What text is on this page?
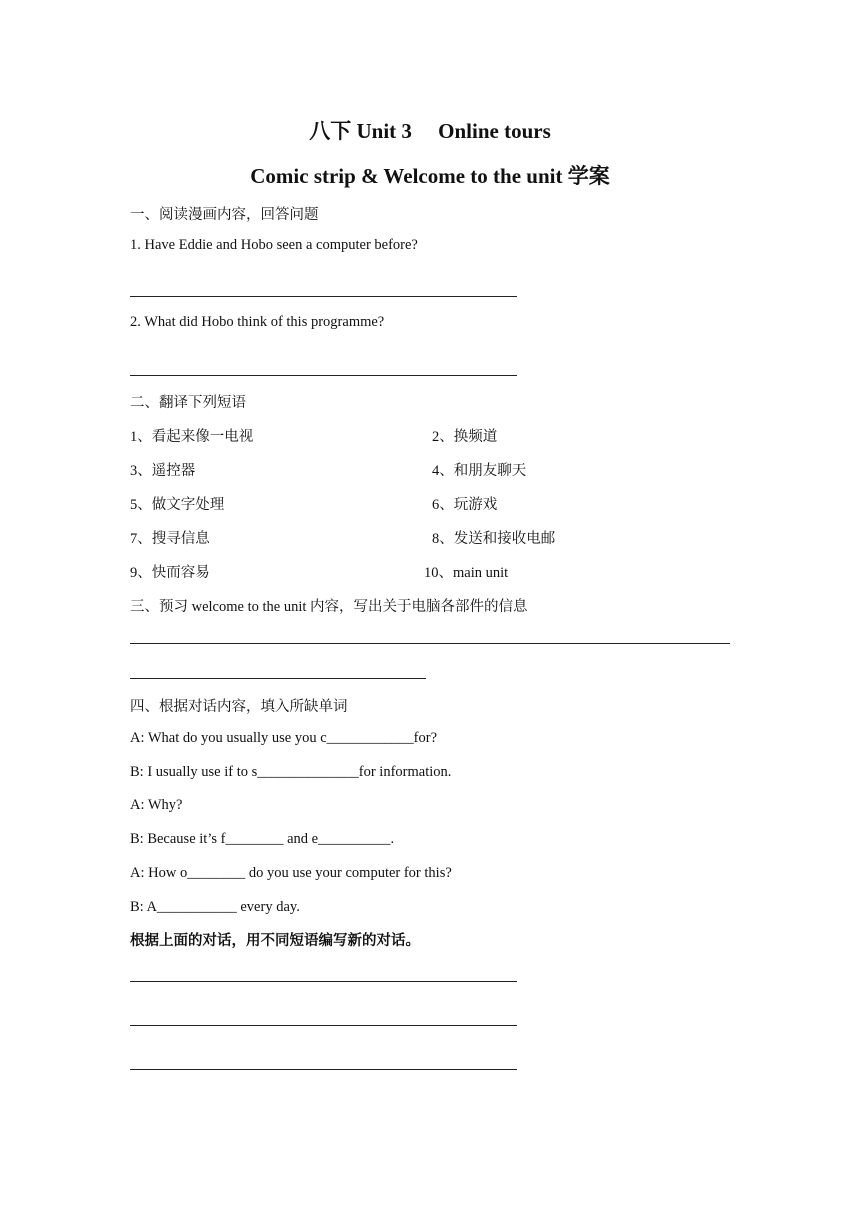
八下 Unit 3　 Online tours
Comic strip & Welcome to the unit 学案
一、阅读漫画内容，回答问题
1. Have Eddie and Hobo seen a computer before?
2. What did Hobo think of this programme?
二、翻译下列短语
1、看起来像一电视	2、换频道
3、遥控器	4、和朋友聊天
5、做文字处理	6、玩游戏
7、搜寻信息	8、发送和接收电邮
9、快而容易	10、main unit
三、预习 welcome to the unit 内容，写出关于电脑各部件的信息
四、根据对话内容，填入所缺单词
A: What do you usually use you c____________for?
B: I usually use if to s______________for information.
A: Why?
B: Because it’s f________ and e__________.
A: How o________ do you use your computer for this?
B: A___________ every day.
根据上面的对话，用不同短语编写新的对话。
